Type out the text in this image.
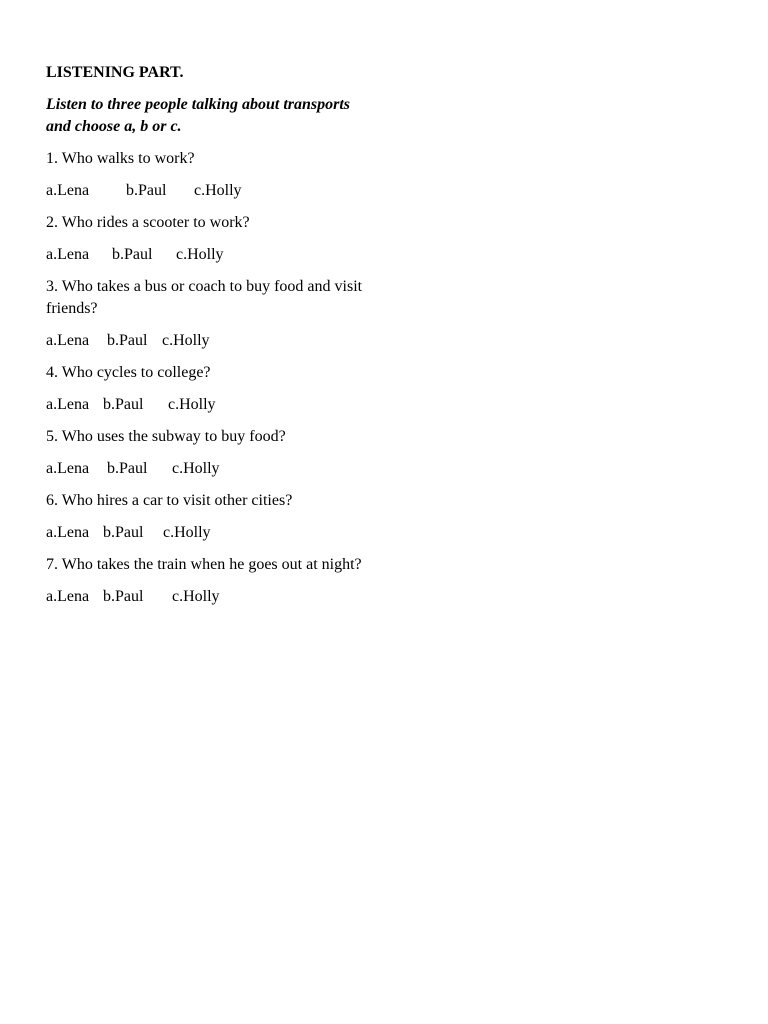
LISTENING PART.
Listen to three people talking about transports and choose a, b or c.
1. Who walks to work?
a.Lena b.Paul c.Holly
2. Who rides a scooter to work?
a.Lena b.Paul c.Holly
3. Who takes a bus or coach to buy food and visit friends?
a.Lena b.Paul c.Holly
4. Who cycles to college?
a.Lena b.Paul c.Holly
5. Who uses the subway to buy food?
a.Lena b.Paul c.Holly
6. Who hires a car to visit other cities?
a.Lena b.Paul c.Holly
7. Who takes the train when he goes out at night?
a.Lena b.Paul c.Holly
